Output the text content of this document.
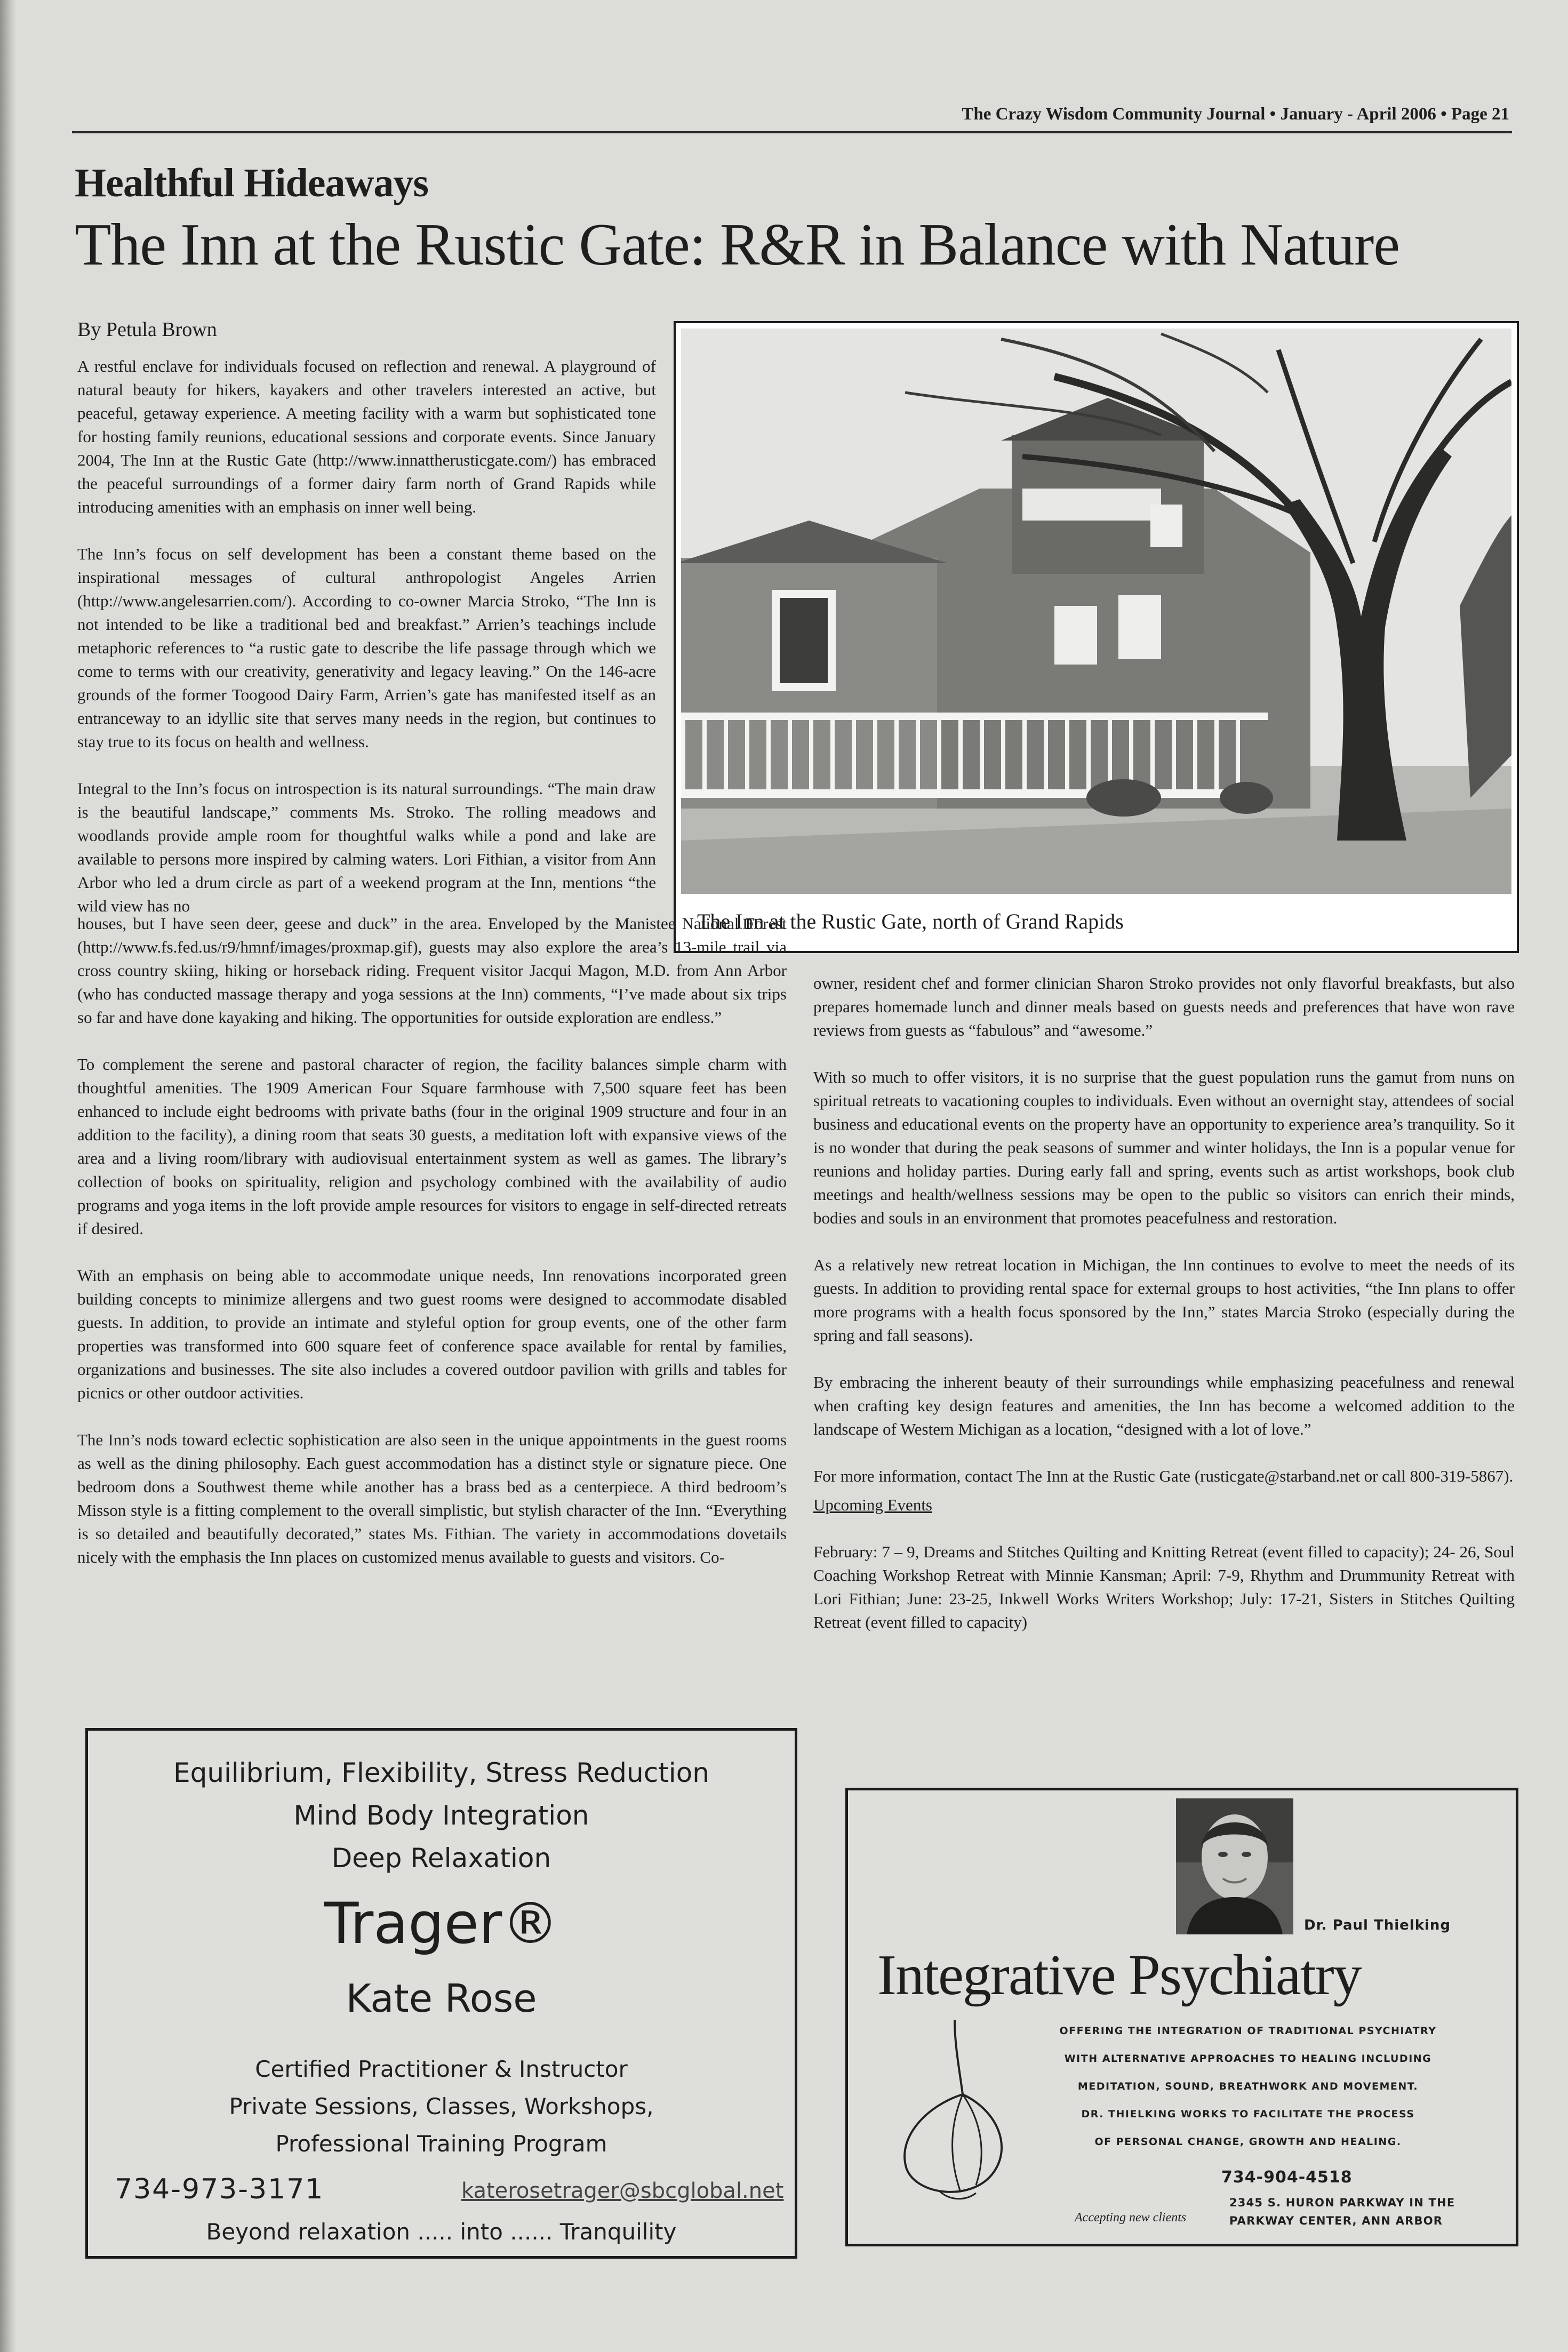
The Crazy Wisdom Community Journal • January - April 2006 • Page 21
Healthful Hideaways
The Inn at the Rustic Gate: R&R in Balance with Nature
By Petula Brown

A restful enclave for individuals focused on reflection and renewal. A playground of natural beauty for hikers, kayakers and other travelers interested an active, but peaceful, getaway experience. A meeting facility with a warm but sophisticated tone for hosting family reunions, educational sessions and corporate events. Since January 2004, The Inn at the Rustic Gate (http://www.innattherusticgate.com/) has embraced the peaceful surroundings of a former dairy farm north of Grand Rapids while introducing amenities with an emphasis on inner well being.

The Inn’s focus on self development has been a constant theme based on the inspirational messages of cultural anthropologist Angeles Arrien (http://www.angelesarrien.com/). According to co-owner Marcia Stroko, “The Inn is not intended to be like a traditional bed and breakfast.” Arrien’s teachings include metaphoric references to “a rustic gate to describe the life passage through which we come to terms with our creativity, generativity and legacy leaving.” On the 146-acre grounds of the former Toogood Dairy Farm, Arrien’s gate has manifested itself as an entranceway to an idyllic site that serves many needs in the region, but continues to stay true to its focus on health and wellness.

Integral to the Inn’s focus on introspection is its natural surroundings. “The main draw is the beautiful landscape,” comments Ms. Stroko. The rolling meadows and woodlands provide ample room for thoughtful walks while a pond and lake are available to persons more inspired by calming waters. Lori Fithian, a visitor from Ann Arbor who led a drum circle as part of a weekend program at the Inn, mentions “the wild view has no

The Inn at the Rustic Gate, north of Grand Rapids

houses, but I have seen deer, geese and duck” in the area. Enveloped by the Manistee National Forest (http://www.fs.fed.us/r9/hmnf/images/proxmap.gif), guests may also explore the area’s 13-mile trail via cross country skiing, hiking or horseback riding. Frequent visitor Jacqui Magon, M.D. from Ann Arbor (who has conducted massage therapy and yoga sessions at the Inn) comments, “I’ve made about six trips so far and have done kayaking and hiking. The opportunities for outside exploration are endless.”

To complement the serene and pastoral character of region, the facility balances simple charm with thoughtful amenities. The 1909 American Four Square farmhouse with 7,500 square feet has been enhanced to include eight bedrooms with private baths (four in the original 1909 structure and four in an addition to the facility), a dining room that seats 30 guests, a meditation loft with expansive views of the area and a living room/library with audiovisual entertainment system as well as games. The library’s collection of books on spirituality, religion and psychology combined with the availability of audio programs and yoga items in the loft provide ample resources for visitors to engage in self-directed retreats if desired.

With an emphasis on being able to accommodate unique needs, Inn renovations incorporated green building concepts to minimize allergens and two guest rooms were designed to accommodate disabled guests. In addition, to provide an intimate and styleful option for group events, one of the other farm properties was transformed into 600 square feet of conference space available for rental by families, organizations and businesses. The site also includes a covered outdoor pavilion with grills and tables for picnics or other outdoor activities.

The Inn’s nods toward eclectic sophistication are also seen in the unique appointments in the guest rooms as well as the dining philosophy. Each guest accommodation has a distinct style or signature piece. One bedroom dons a Southwest theme while another has a brass bed as a centerpiece. A third bedroom’s Misson style is a fitting complement to the overall simplistic, but stylish character of the Inn. “Everything is so detailed and beautifully decorated,” states Ms. Fithian. The variety in accommodations dovetails nicely with the emphasis the Inn places on customized menus available to guests and visitors. Co-

owner, resident chef and former clinician Sharon Stroko provides not only flavorful breakfasts, but also prepares homemade lunch and dinner meals based on guests needs and preferences that have won rave reviews from guests as “fabulous” and “awesome.”

With so much to offer visitors, it is no surprise that the guest population runs the gamut from nuns on spiritual retreats to vacationing couples to individuals. Even without an overnight stay, attendees of social business and educational events on the property have an opportunity to experience area’s tranquility. So it is no wonder that during the peak seasons of summer and winter holidays, the Inn is a popular venue for reunions and holiday parties. During early fall and spring, events such as artist workshops, book club meetings and health/wellness sessions may be open to the public so visitors can enrich their minds, bodies and souls in an environment that promotes peacefulness and restoration.

As a relatively new retreat location in Michigan, the Inn continues to evolve to meet the needs of its guests. In addition to providing rental space for external groups to host activities, “the Inn plans to offer more programs with a health focus sponsored by the Inn,” states Marcia Stroko (especially during the spring and fall seasons).

By embracing the inherent beauty of their surroundings while emphasizing peacefulness and renewal when crafting key design features and amenities, the Inn has become a welcomed addition to the landscape of Western Michigan as a location, “designed with a lot of love.”

For more information, contact The Inn at the Rustic Gate (rusticgate@starband.net or call 800-319-5867).

Upcoming Events

February: 7 – 9, Dreams and Stitches Quilting and Knitting Retreat (event filled to capacity); 24- 26, Soul Coaching Workshop Retreat with Minnie Kansman; April: 7-9, Rhythm and Drummunity Retreat with Lori Fithian; June: 23-25, Inkwell Works Writers Workshop; July: 17-21, Sisters in Stitches Quilting Retreat (event filled to capacity)

Equilibrium, Flexibility, Stress Reduction
Mind Body Integration
Deep Relaxation
Trager®
Kate Rose
Certified Practitioner & Instructor
Private Sessions, Classes, Workshops,
Professional Training Program
734-973-3171	katerosetrager@sbcglobal.net
Beyond relaxation ..... into ...... Tranquility
Dr. Paul Thielking
Integrative Psychiatry
OFFERING THE INTEGRATION OF TRADITIONAL PSYCHIATRY
WITH ALTERNATIVE APPROACHES TO HEALING INCLUDING
MEDITATION, SOUND, BREATHWORK AND MOVEMENT.
DR. THIELKING WORKS TO FACILITATE THE PROCESS
OF PERSONAL CHANGE, GROWTH AND HEALING.
734-904-4518
Accepting new clients
2345 S. HURON PARKWAY IN THE
PARKWAY CENTER, ANN ARBOR
